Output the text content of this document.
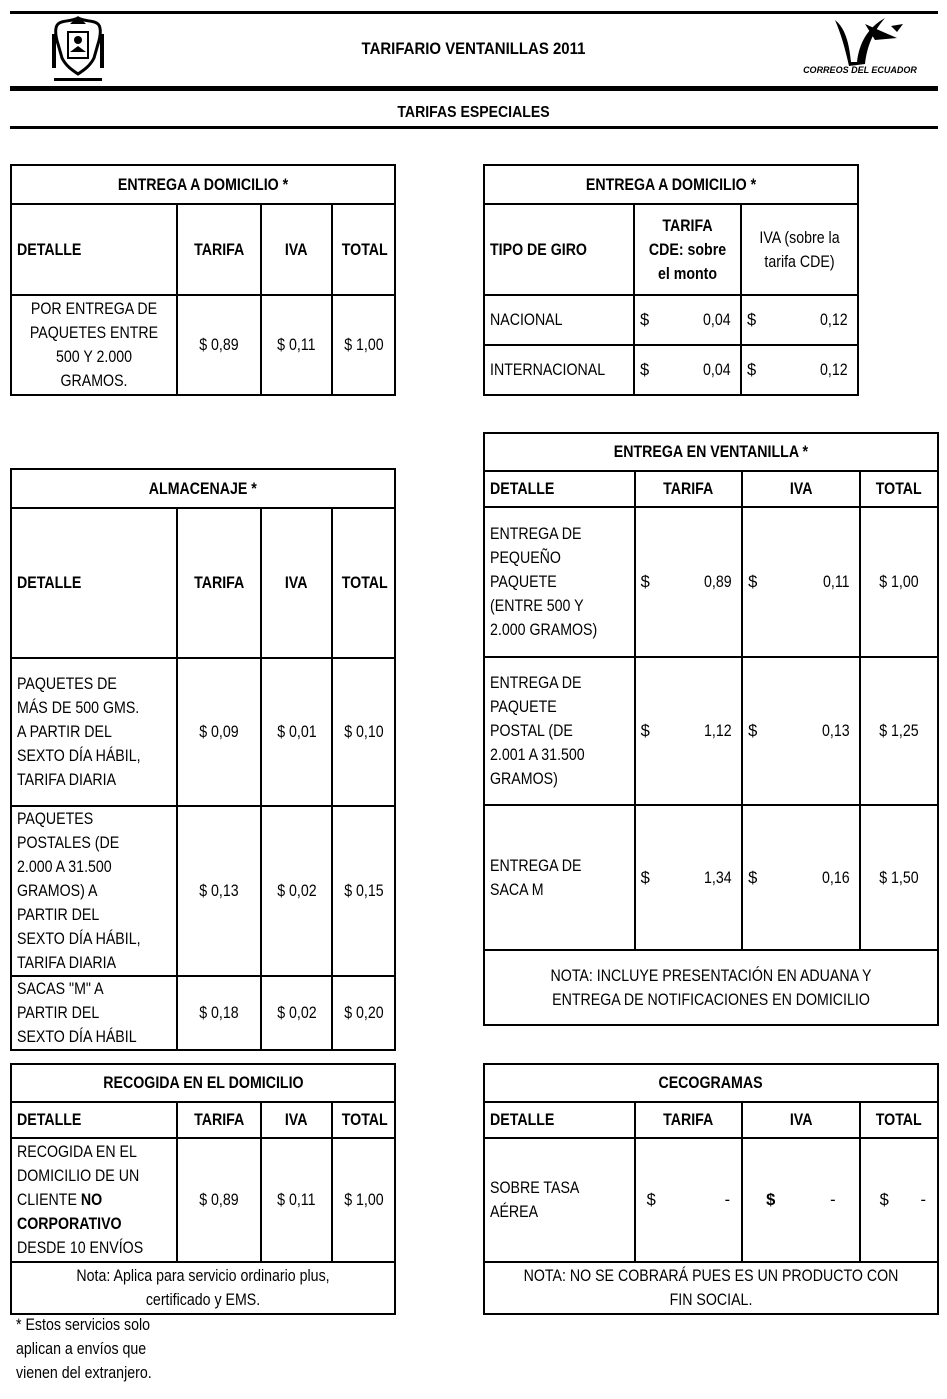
TARIFARIO VENTANILLAS 2011
CORREOS DEL ECUADOR
TARIFAS ESPECIALES
ENTREGA A DOMICILIO *			
DETALLE	TARIFA	IVA	TOTAL
POR ENTREGA DE PAQUETES ENTRE 500 Y 2.000 GRAMOS.	$ 0,89	$ 0,11	$ 1,00
ENTREGA A DOMICILIO *		
TIPO DE GIRO	TARIFA CDE: sobre el monto	IVA (sobre la tarifa CDE)
NACIONAL	$ 0,04	$ 0,12

INTERNACIONAL	$ 0,04	$ 0,12
ALMACENAJE *			
DETALLE	TARIFA	IVA	TOTAL
PAQUETES DE MÁS DE 500 GMS. A PARTIR DEL SEXTO DÍA HÁBIL, TARIFA DIARIA	$ 0,09	$ 0,01	$ 0,10
PAQUETES POSTALES (DE 2.000 A 31.500 GRAMOS) A PARTIR DEL SEXTO DÍA HÁBIL, TARIFA DIARIA	$ 0,13	$ 0,02	$ 0,15
SACAS "M" A PARTIR DEL SEXTO DÍA HÁBIL	$ 0,18	$ 0,02	$ 0,20
ENTREGA EN VENTANILLA *			
DETALLE	TARIFA	IVA	TOTAL
ENTREGA DE PEQUEÑO PAQUETE (ENTRE 500 Y 2.000 GRAMOS)	$ 0,89	$ 0,11	$ 1,00
ENTREGA DE PAQUETE POSTAL (DE 2.001 A 31.500 GRAMOS)	$ 1,12	$ 0,13	$ 1,25
ENTREGA DE SACA M	$ 1,34	$ 0,16	$ 1,50
NOTA: INCLUYE PRESENTACIÓN EN ADUANA Y ENTREGA DE NOTIFICACIONES EN DOMICILIO			
RECOGIDA EN EL DOMICILIO			
DETALLE	TARIFA	IVA	TOTAL
RECOGIDA EN EL DOMICILIO DE UN CLIENTE NO CORPORATIVO DESDE 10 ENVÍOS	$ 0,89	$ 0,11	$ 1,00
Nota: Aplica para servicio ordinario plus, certificado y EMS.			
CECOGRAMAS			
DETALLE	TARIFA	IVA	TOTAL
SOBRE TASA AÉREA	$ -	$ -	$ -

NOTA: NO SE COBRARÁ PUES ES UN PRODUCTO CON FIN SOCIAL.			
* Estos servicios solo aplican a envíos que vienen del extranjero.
